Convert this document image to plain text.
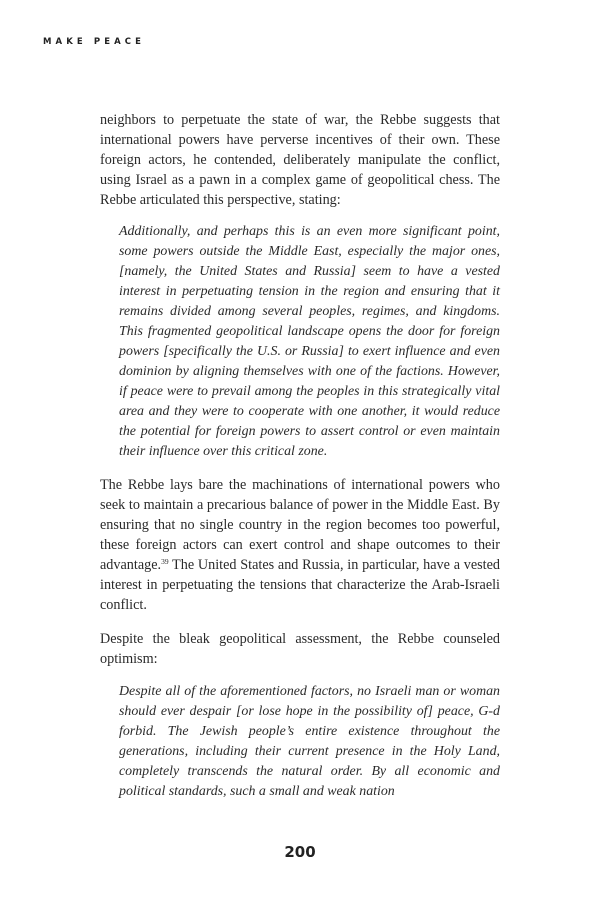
MAKE PEACE

neighbors to perpetuate the state of war, the Rebbe suggests that international powers have perverse incentives of their own. These foreign actors, he contended, deliberately manipulate the conflict, using Israel as a pawn in a complex game of geopolitical chess. The Rebbe articulated this perspective, stating:

Additionally, and perhaps this is an even more significant point, some powers outside the Middle East, especially the major ones, [namely, the United States and Russia] seem to have a vested interest in perpetuating tension in the region and ensuring that it remains divided among several peoples, regimes, and kingdoms. This fragmented geopolitical landscape opens the door for foreign powers [specifically the U.S. or Russia] to exert influence and even dominion by aligning themselves with one of the factions. However, if peace were to prevail among the peoples in this strategically vital area and they were to cooperate with one another, it would reduce the potential for foreign powers to assert control or even maintain their influence over this critical zone.

The Rebbe lays bare the machinations of international powers who seek to maintain a precarious balance of power in the Middle East. By ensuring that no single country in the region becomes too powerful, these foreign actors can exert control and shape outcomes to their advantage.$^{39}$ The United States and Russia, in particular, have a vested interest in perpetuating the tensions that characterize the Arab-Israeli conflict.

Despite the bleak geopolitical assessment, the Rebbe counseled optimism:

Despite all of the aforementioned factors, no Israeli man or woman should ever despair [or lose hope in the possibility of] peace, G-d forbid. The Jewish people’s entire existence throughout the generations, including their current presence in the Holy Land, completely transcends the natural order. By all economic and political standards, such a small and weak nation

200
